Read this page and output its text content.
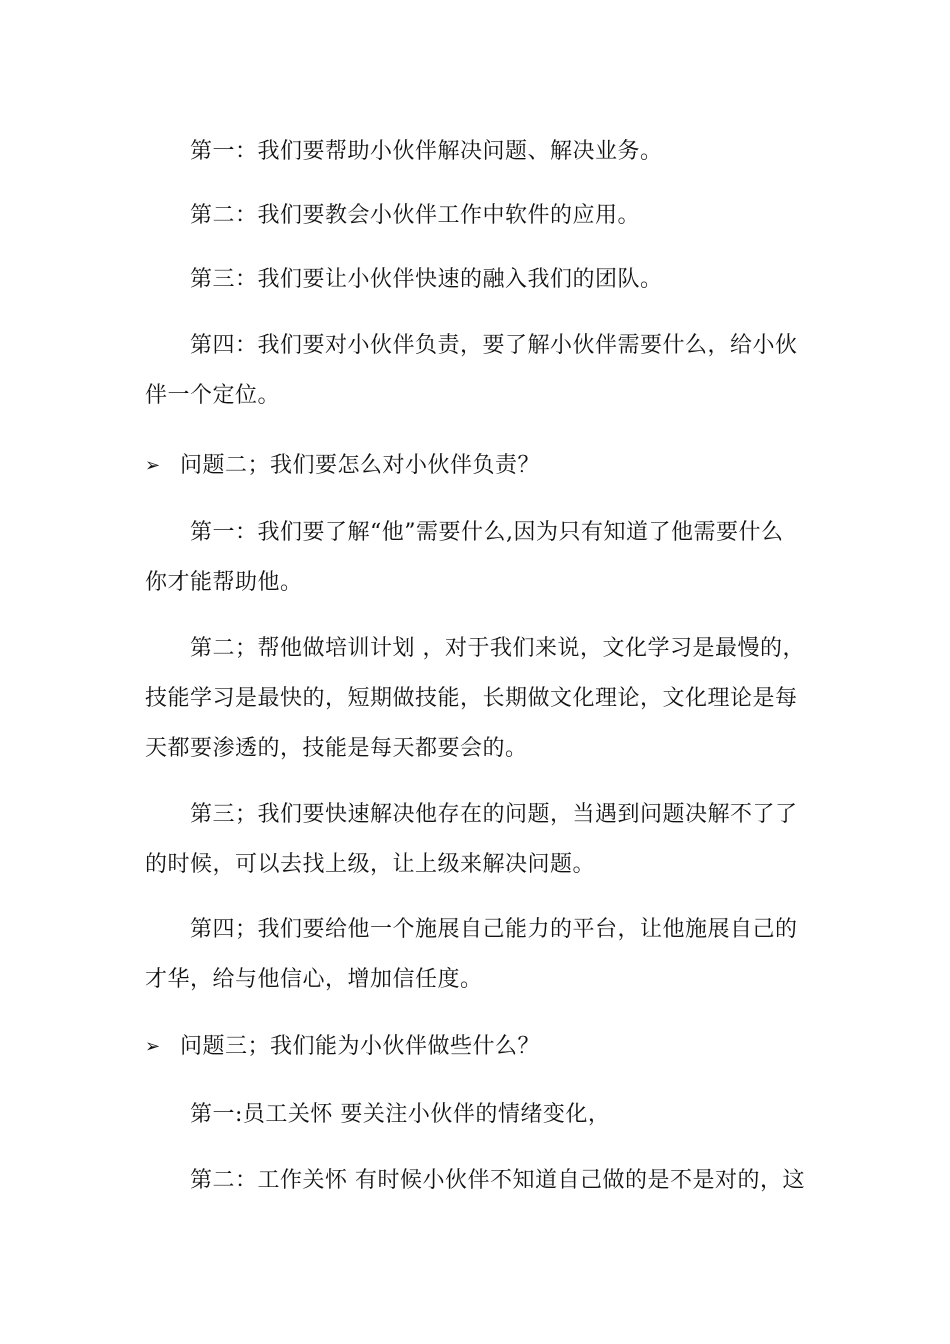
第一：我们要帮助小伙伴解决问题、解决业务。
第二：我们要教会小伙伴工作中软件的应用。
第三：我们要让小伙伴快速的融入我们的团队。
第四：我们要对小伙伴负责，要了解小伙伴需要什么，给小伙
伴一个定位。
➢ 问题二；我们要怎么对小伙伴负责？
第一：我们要了解“他”需要什么,因为只有知道了他需要什么
你才能帮助他。
第二；帮他做培训计划 ，对于我们来说，文化学习是最慢的，
技能学习是最快的，短期做技能，长期做文化理论，文化理论是每
天都要渗透的，技能是每天都要会的。
第三；我们要快速解决他存在的问题，当遇到问题决解不了了
的时候，可以去找上级，让上级来解决问题。
第四；我们要给他一个施展自己能力的平台，让他施展自己的
才华，给与他信心，增加信任度。
➢ 问题三；我们能为小伙伴做些什么？
第一:员工关怀 要关注小伙伴的情绪变化，
第二：工作关怀 有时候小伙伴不知道自己做的是不是对的，这
